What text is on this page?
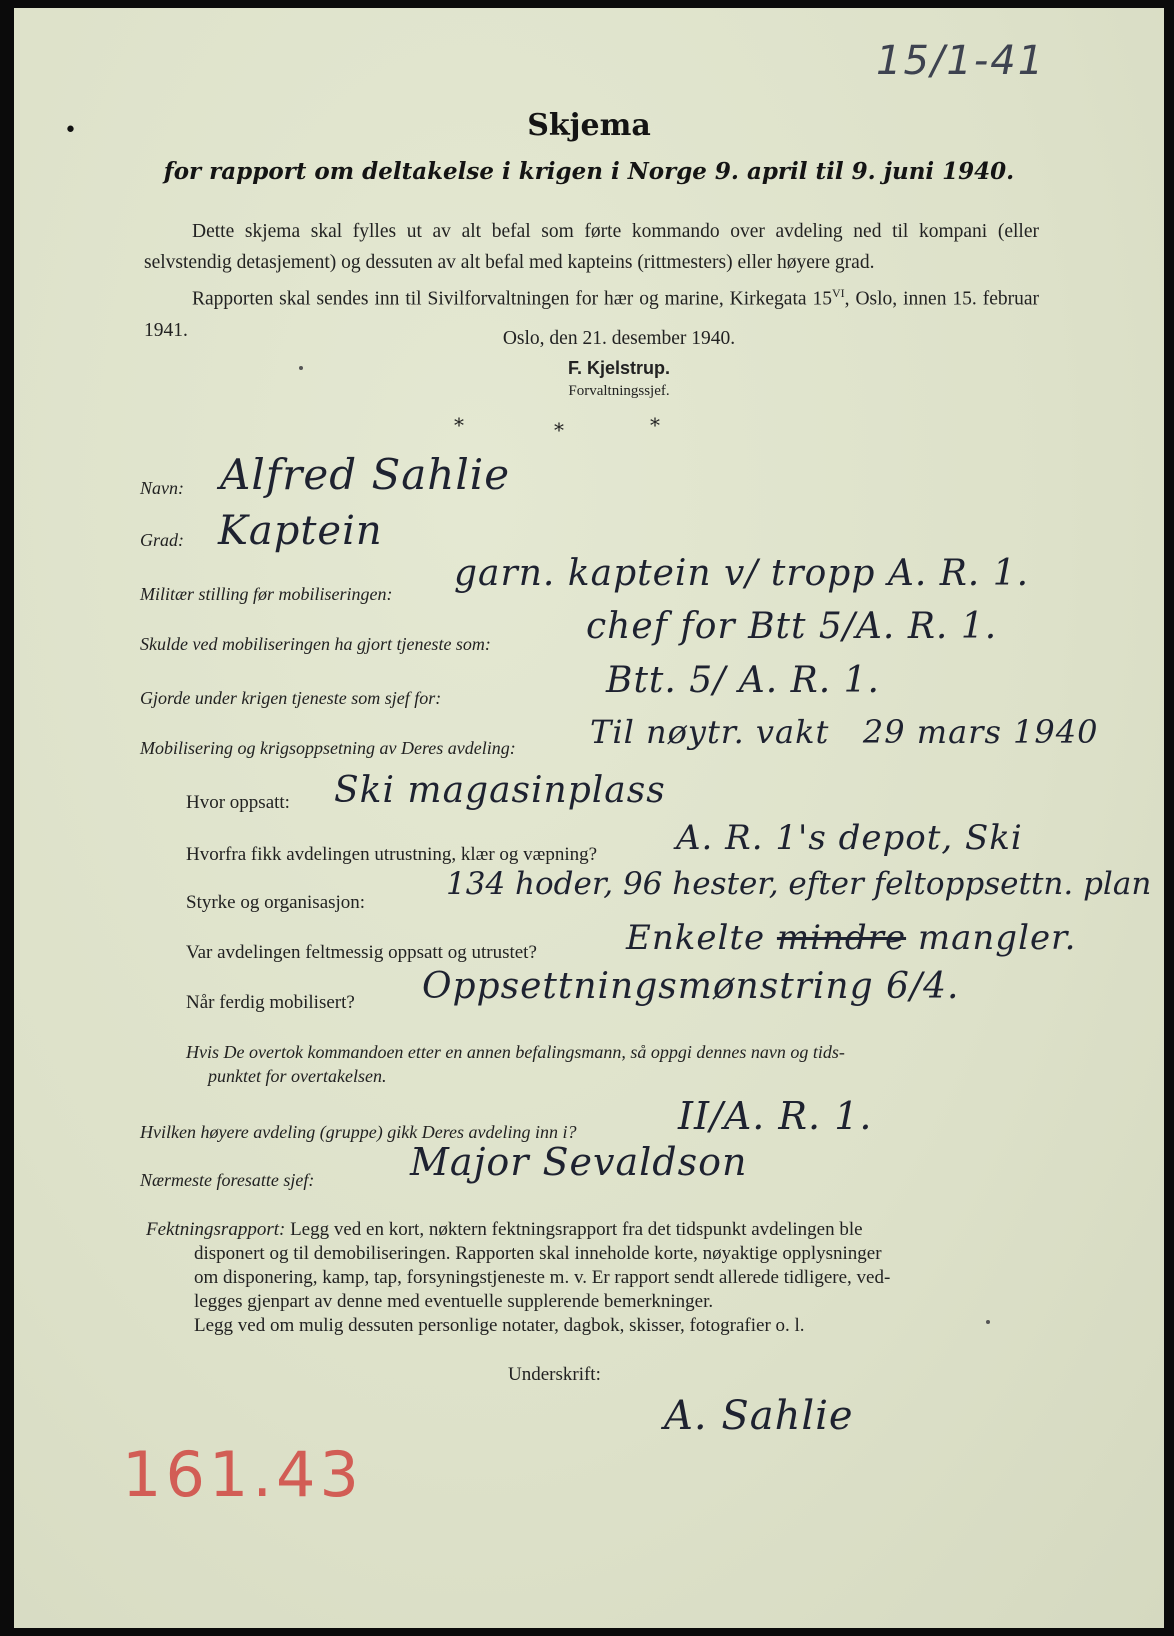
15/1-41
•	Skjema
for rapport om deltakelse i krigen i Norge 9. april til 9. juni 1940.

Dette skjema skal fylles ut av alt befal som førte kommando over avdeling ned til kompani (eller selvstendig detasjement) og dessuten av alt befal med kapteins (rittmesters) eller høyere grad.

Rapporten skal sendes inn til Sivilforvaltningen for hær og marine, Kirkegata $15^{VI}$, Oslo, innen 15. februar 1941.	Oslo, den 21. desember 1940.
F. Kjelstrup.
Forvaltningssjef.
*	*	*
Navn: Alfred Sahlie
Grad: Kaptein
Militær stilling før mobiliseringen: garn. kaptein v/ tropp A. R. 1.
Skulde ved mobiliseringen ha gjort tjeneste som:	chef for Btt 5/A. R. 1.
Gjorde under krigen tjeneste som sjef for:	Btt. 5/ A. R. 1.
Mobilisering og krigsoppsetning av Deres avdeling: Til nøytr. vakt   29 mars 1940
Hvor oppsatt: Ski magasinplass
Hvorfra fikk avdelingen utrustning, klær og væpning? A. R. 1's depot, Ski
Styrke og organisasjon:
134 hoder, 96 hester, efter feltoppsettn. plan
Var avdelingen feltmessig oppsatt og utrustet?	Enkelte mindre mangler.
Når ferdig mobilisert? Oppsettningsmønstring 6/4.
Hvis De overtok kommandoen etter en annen befalingsmann, så oppgi dennes navn og tids-
punktet for overtakelsen.
Hvilken høyere avdeling (gruppe) gikk Deres avdeling inn i?	II/A. R. 1.
Nærmeste foresatte sjef:	Major Sevaldson

Fektningsrapport: Legg ved en kort, nøktern fektningsrapport fra det tidspunkt avdelingen ble

disponert og til demobiliseringen. Rapporten skal inneholde korte, nøyaktige opplysninger

om disponering, kamp, tap, forsyningstjeneste m. v. Er rapport sendt allerede tidligere, ved-

legges gjenpart av denne med eventuelle supplerende bemerkninger.

Legg ved om mulig dessuten personlige notater, dagbok, skisser, fotografier o. l.

Underskrift:
A. Sahlie
161.43
